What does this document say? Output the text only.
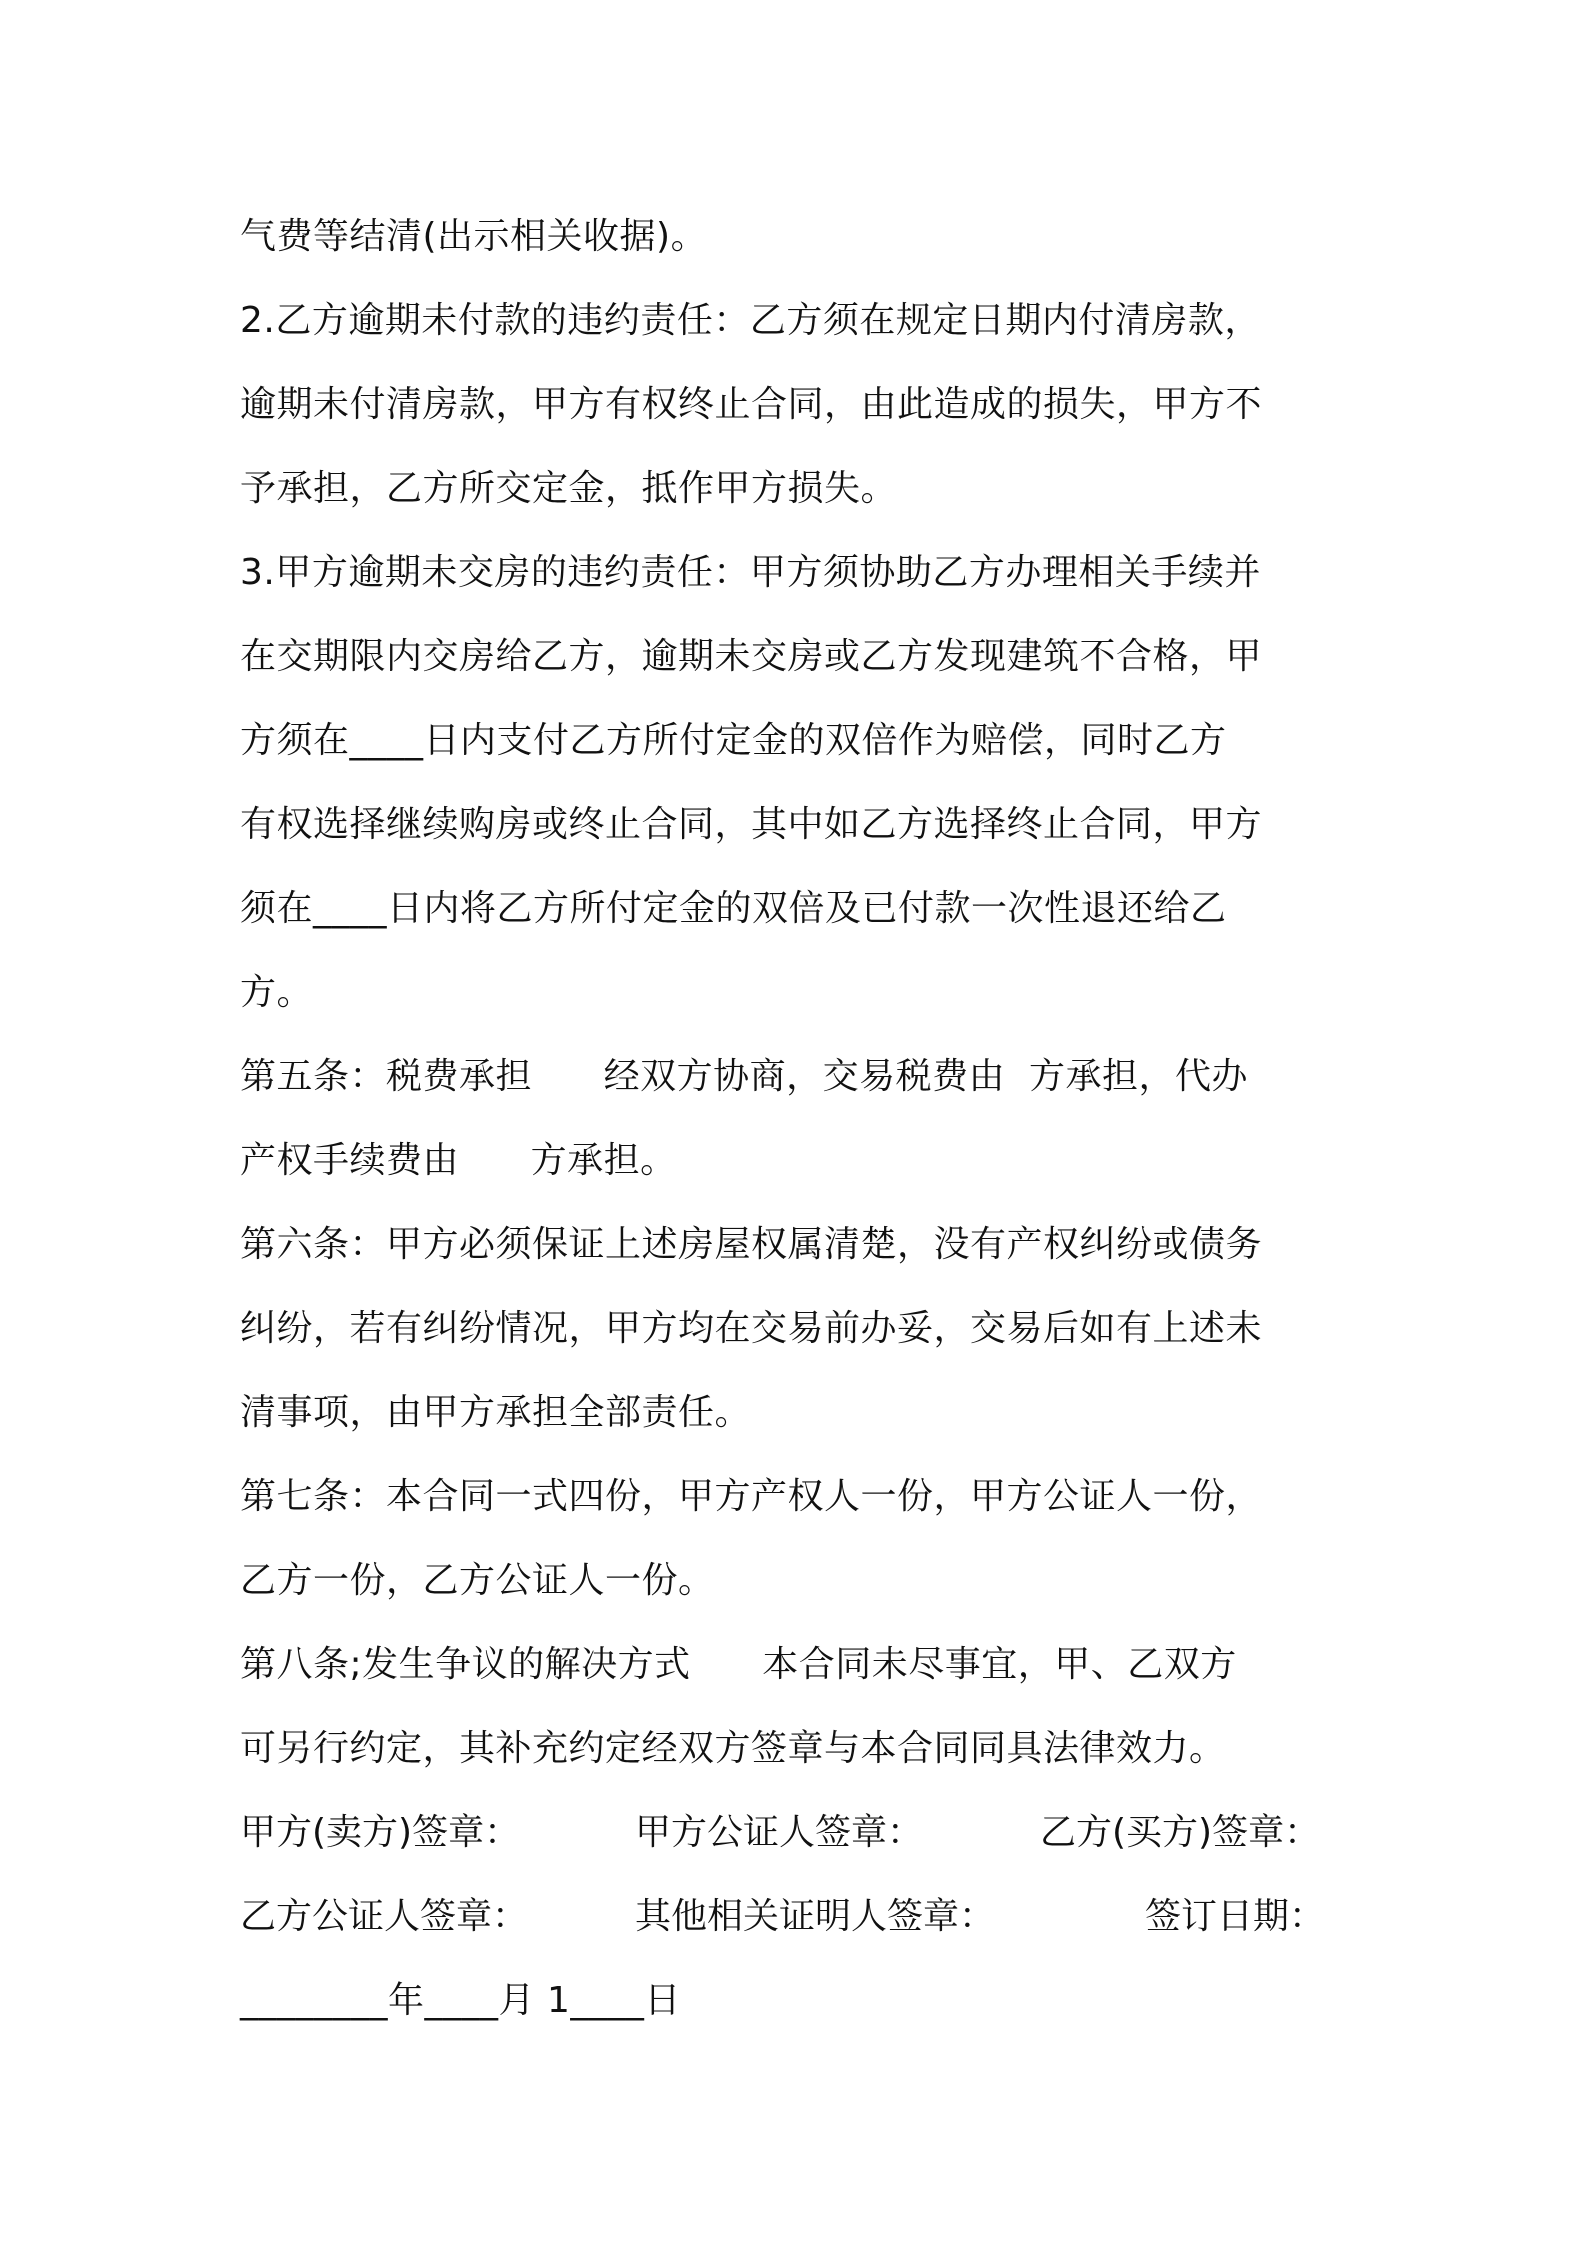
气费等结清(出示相关收据)。
2.乙方逾期未付款的违约责任：乙方须在规定日期内付清房款，
逾期未付清房款，甲方有权终止合同，由此造成的损失，甲方不
予承担，乙方所交定金，抵作甲方损失。
3.甲方逾期未交房的违约责任：甲方须协助乙方办理相关手续并
在交期限内交房给乙方，逾期未交房或乙方发现建筑不合格，甲
方须在____日内支付乙方所付定金的双倍作为赔偿，同时乙方
有权选择继续购房或终止合同，其中如乙方选择终止合同，甲方
须在____日内将乙方所付定金的双倍及已付款一次性退还给乙
方。
第五条：税费承担      经双方协商，交易税费由  方承担，代办
产权手续费由      方承担。
第六条：甲方必须保证上述房屋权属清楚，没有产权纠纷或债务
纠纷，若有纠纷情况，甲方均在交易前办妥，交易后如有上述未
清事项，由甲方承担全部责任。
第七条：本合同一式四份，甲方产权人一份，甲方公证人一份，
乙方一份，乙方公证人一份。
第八条;发生争议的解决方式      本合同未尽事宜，甲、乙双方
可另行约定，其补充约定经双方签章与本合同同具法律效力。
甲方(卖方)签章：	甲方公证人签章：	乙方(买方)签章：
乙方公证人签章：	其他相关证明人签章：	签订日期：
________年____月 1____日
